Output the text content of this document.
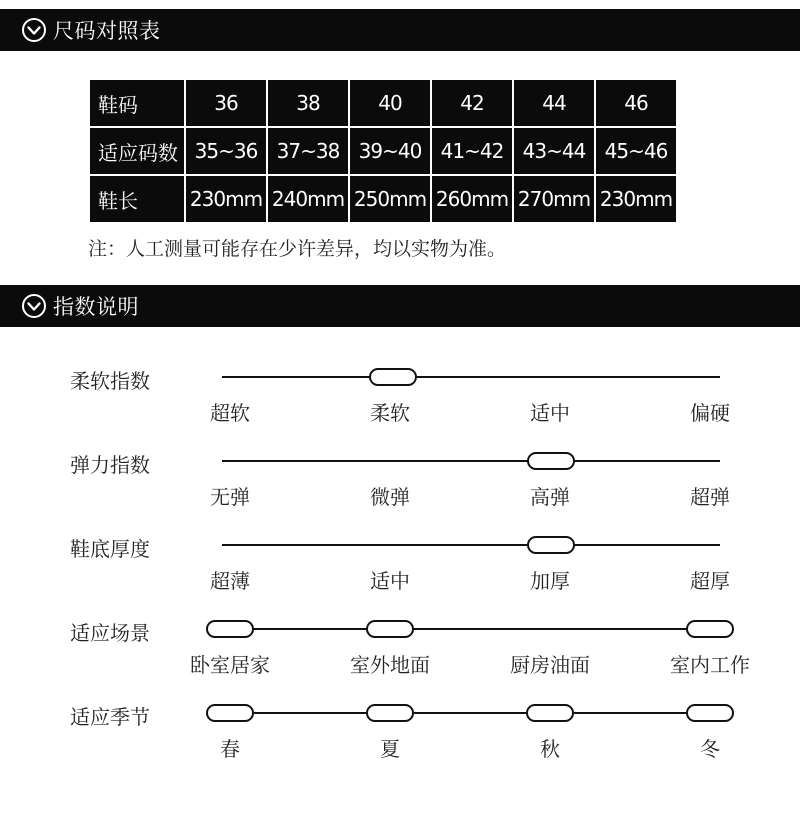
尺码对照表
鞋码	36	38	40	42	44	46
适应码数	35~36	37~38	39~40	41~42	43~44	45~46
鞋长	230mm	240mm	250mm	260mm	270mm	230mm
注：人工测量可能存在少许差异，均以实物为准。
指数说明
柔软指数
超软	柔软	适中	偏硬
弹力指数
无弹	微弹	高弹	超弹
鞋底厚度
超薄	适中	加厚	超厚
适应场景
卧室居家	室外地面	厨房油面	室内工作
适应季节
春	夏	秋	冬
